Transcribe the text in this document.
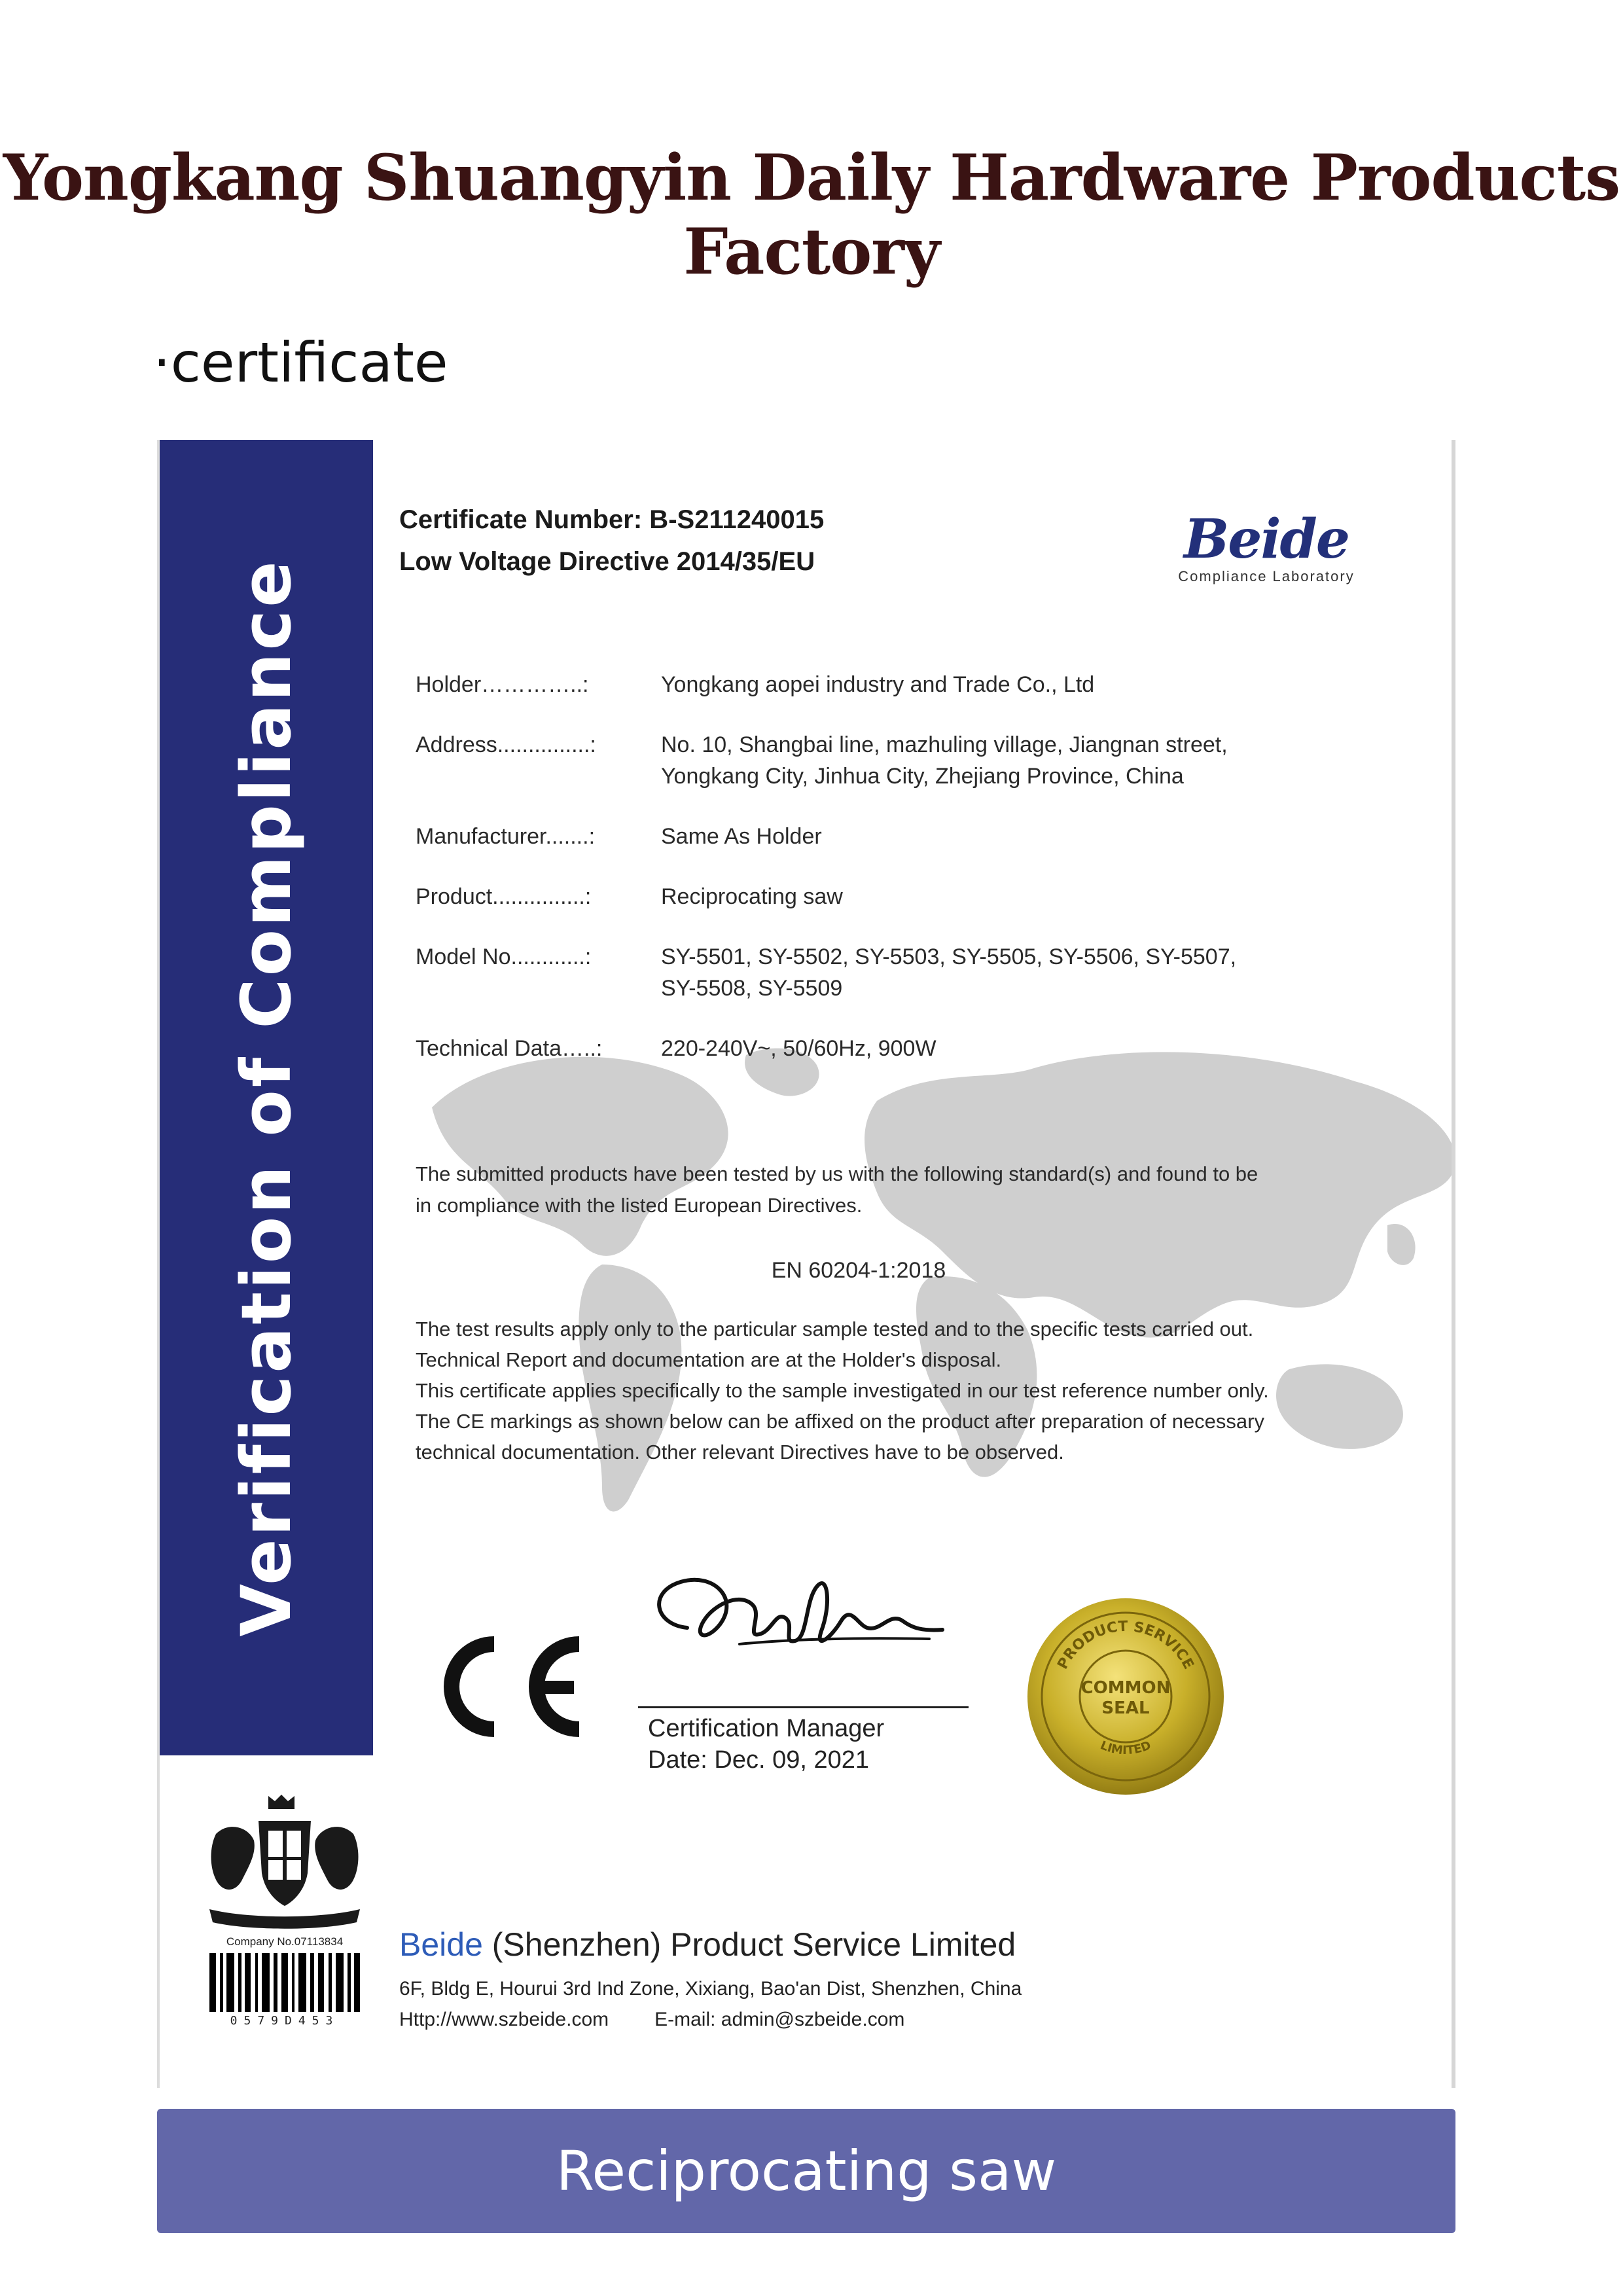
Yongkang Shuangyin Daily Hardware Products Factory
·certificate
Verification of Compliance
Certificate Number: B-S211240015
Low Voltage Directive 2014/35/EU	Beide
Compliance Laboratory
Holder…………..:	Yongkang aopei industry and Trade Co., Ltd
Address...............:	No. 10, Shangbai line, mazhuling village, Jiangnan street,
Yongkang City, Jinhua City, Zhejiang Province, China
Manufacturer.......:	Same As Holder
Product...............:	Reciprocating saw
Model No............:	SY-5501, SY-5502, SY-5503, SY-5505, SY-5506, SY-5507,
SY-5508, SY-5509
Technical Data…..:	220-240V~, 50/60Hz, 900W
The submitted products have been tested by us with the following standard(s) and found to be
in compliance with the listed European Directives.
EN 60204-1:2018
The test results apply only to the particular sample tested and to the specific tests carried out.
Technical Report and documentation are at the Holder's disposal.
This certificate applies specifically to the sample investigated in our test reference number only.
The CE markings as shown below can be affixed on the product after preparation of necessary
technical documentation. Other relevant Directives have to be observed.
Certification Manager
Date: Dec. 09, 2021
PRODUCT SERVICE
LIMITED
COMMON
SEAL
Company No.07113834
0579D453
Beide (Shenzhen) Product Service Limited
6F, Bldg E, Hourui 3rd Ind Zone, Xixiang, Bao'an Dist, Shenzhen, China
Http://www.szbeide.com E-mail: admin@szbeide.com
Reciprocating saw
